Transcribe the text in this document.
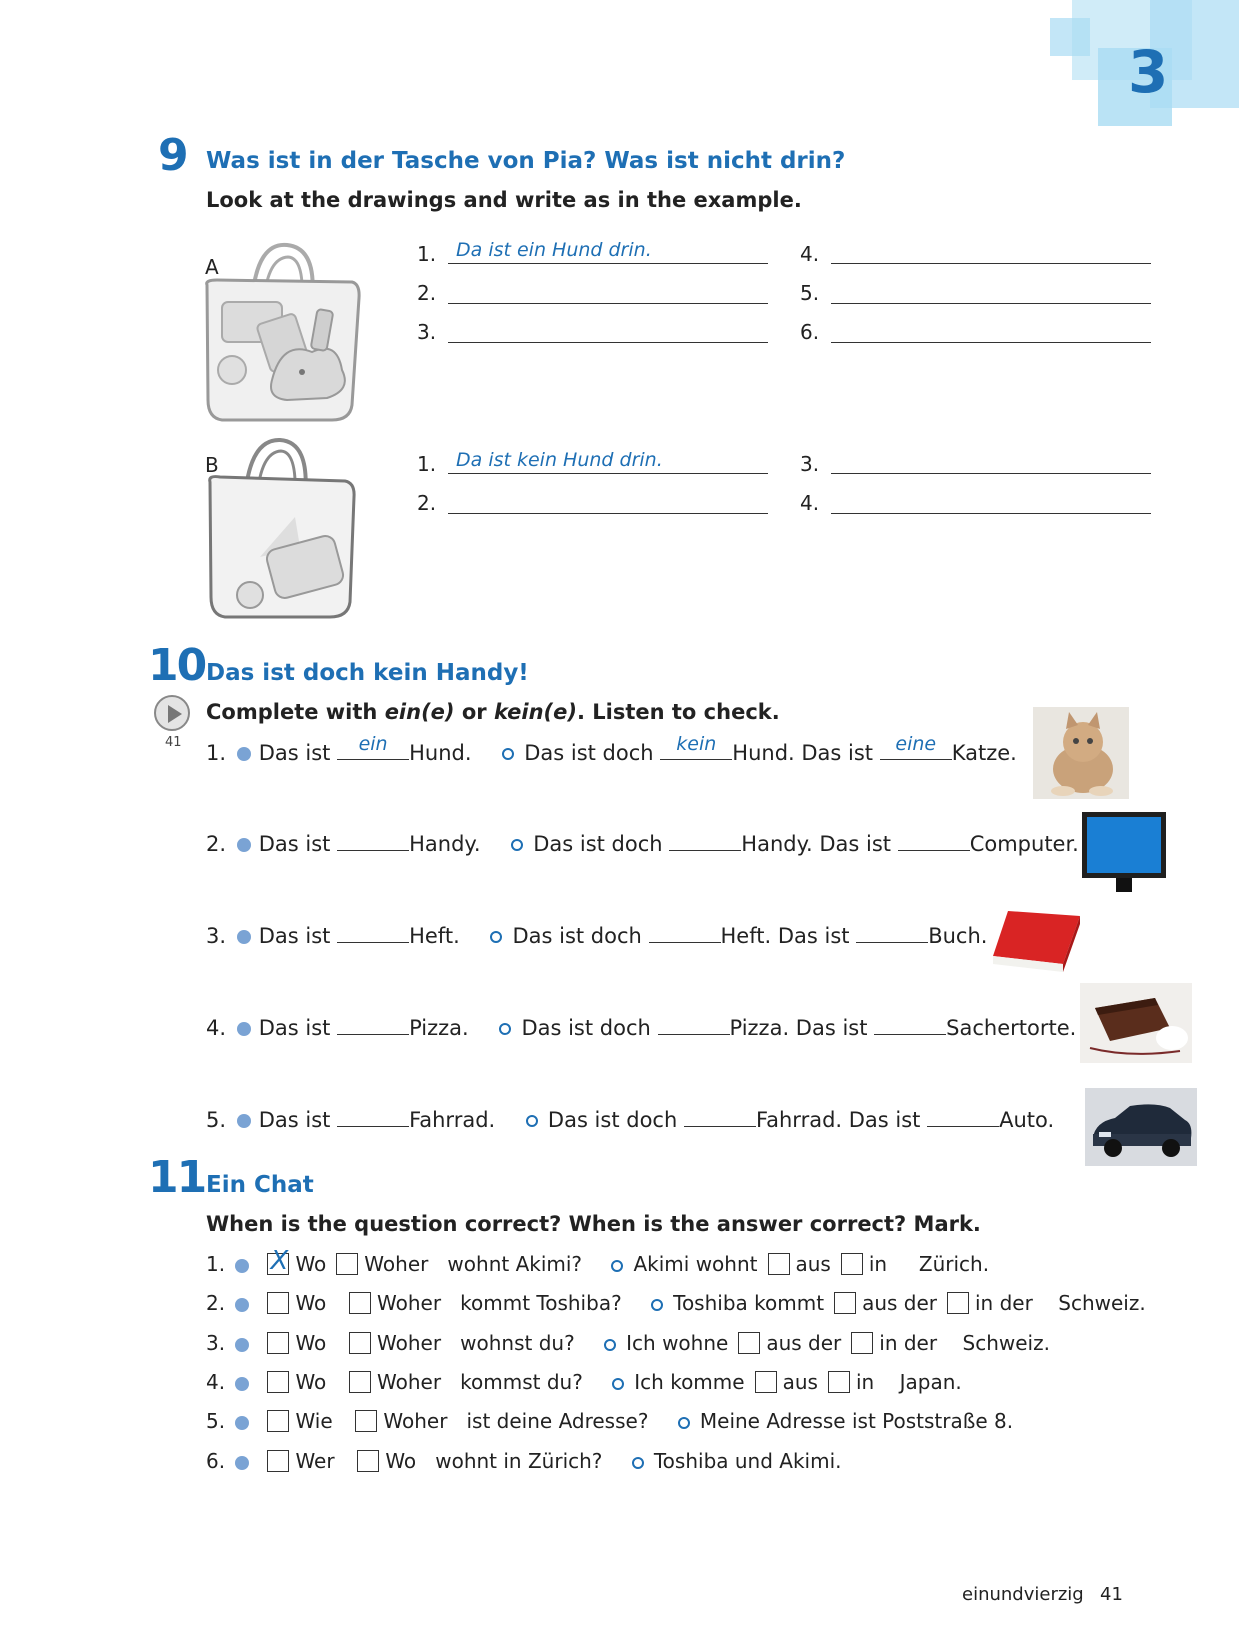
3
9 Was ist in der Tasche von Pia? Was ist nicht drin?
Look at the drawings and write as in the example.
A
B
1. Da ist ein Hund drin.
2.
3.
4.
5.
6.
1. Da ist kein Hund drin.
2.
3.
4.
10 Das ist doch kein Handy!
41
Complete with ein(e) or kein(e). Listen to check.
1. Das ist	ein	Hund.	Das ist doch	kein Hund. Das ist	eine Katze.
2. Das ist	Handy.	Das ist doch	Handy. Das ist	Computer.
3. Das ist	Heft.	Das ist doch	Heft. Das ist	Buch.
4. Das ist	Pizza.	Das ist doch	Pizza. Das ist	Sachertorte.
5. Das ist	Fahrrad.	Das ist doch	Fahrrad. Das ist	Auto.
11 Ein Chat
When is the question correct? When is the answer correct? Mark.
1. X Wo Woher wohnt Akimi?	Akimi wohnt aus in Zürich.
2.	Wo	Woher kommt Toshiba?	Toshiba kommt aus der in der Schweiz.
3.	Wo	Woher wohnst du?	Ich wohne aus der in der Schweiz.
4.	Wo	Woher kommst du?	Ich komme aus in Japan.
5.	Wie	Woher ist deine Adresse?	Meine Adresse ist Poststraße 8.
6.	Wer	Wo wohnt in Zürich?	Toshiba und Akimi.
einundvierzig 41
